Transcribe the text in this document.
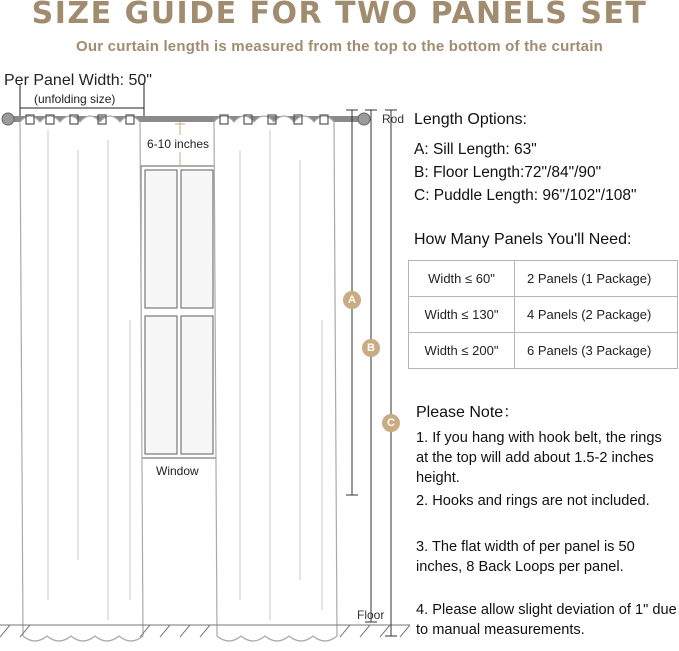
SIZE GUIDE FOR TWO PANELS SET
Our curtain length is measured from the top to the bottom of the curtain
A
B
C
Per Panel Width: 50"
(unfolding size)
Rod
6-10 inches
Window
Floor
Length Options:
A: Sill Length: 63"
B: Floor Length:72"/84"/90"
C: Puddle Length: 96"/102"/108"
How Many Panels You'll Need:
Width ≤ 60"	2 Panels (1 Package)
Width ≤ 130"	4 Panels (2 Package)
Width ≤ 200"	6 Panels (3 Package)
Please Note：
1. If you hang with hook belt, the rings at the top will add about 1.5-2 inches height.
2. Hooks and rings are not included.
3. The flat width of per panel is 50 inches, 8 Back Loops per panel.
4. Please allow slight deviation of 1" due to manual measurements.
